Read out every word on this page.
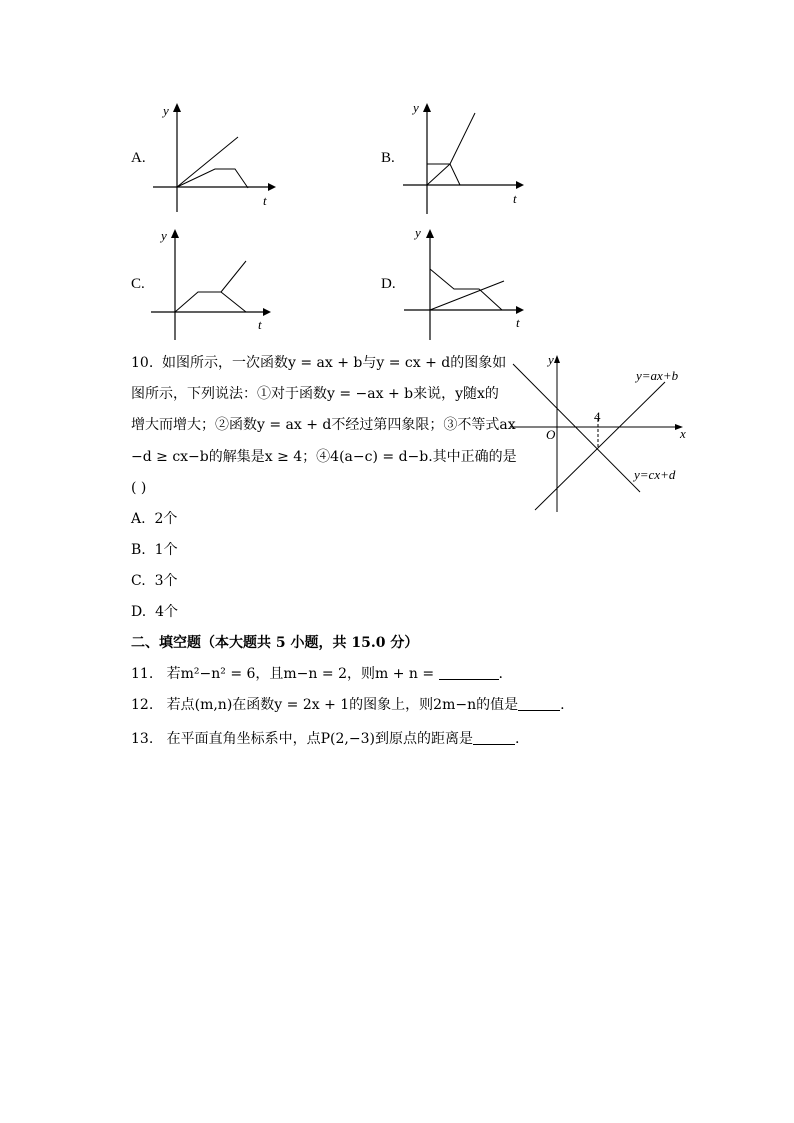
A.
y
t
B.
y
t
C.
y
t
D.
y
t
10. 如图所示，一次函数y = ax + b与y = cx + d的图象如
图所示，下列说法：①对于函数y = −ax + b来说，y随x的
增大而增大；②函数y = ax + d不经过第四象限；③不等式ax
−d ≥ cx−b的解集是x ≥ 4；④4(a−c) = d−b.其中正确的是
( )
y
x
O
4
y=ax+b
y=cx+d
A. 2个
B. 1个
C. 3个
D. 4个
二、填空题（本大题共 5 小题，共 15.0 分）
11. 若m²−n² = 6，且m−n = 2，则m + n =	.
12. 若点(m,n)在函数y = 2x + 1的图象上，则2m−n的值是	.
13. 在平面直角坐标系中，点P(2,−3)到原点的距离是	.
